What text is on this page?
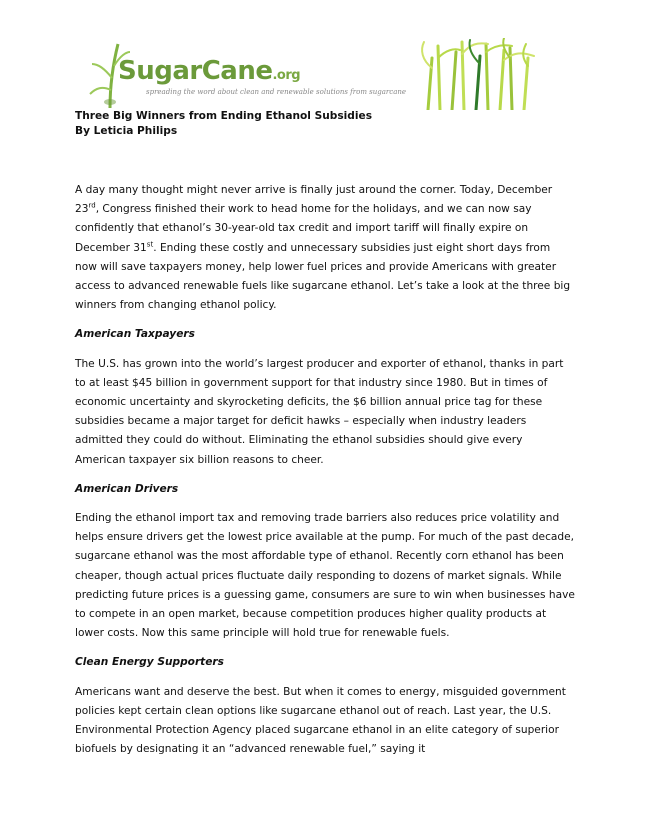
SugarCane.org
spreading the word about clean and renewable solutions from sugarcane
Three Big Winners from Ending Ethanol Subsidies
By Leticia Philips

A day many thought might never arrive is finally just around the corner. Today, December 23rd, Congress finished their work to head home for the holidays, and we can now say confidently that ethanol’s 30-year-old tax credit and import tariff will finally expire on December 31st. Ending these costly and unnecessary subsidies just eight short days from now will save taxpayers money, help lower fuel prices and provide Americans with greater access to advanced renewable fuels like sugarcane ethanol. Let’s take a look at the three big winners from changing ethanol policy.

American Taxpayers

The U.S. has grown into the world’s largest producer and exporter of ethanol, thanks in part to at least $45 billion in government support for that industry since 1980. But in times of economic uncertainty and skyrocketing deficits, the $6 billion annual price tag for these subsidies became a major target for deficit hawks – especially when industry leaders admitted they could do without. Eliminating the ethanol subsidies should give every American taxpayer six billion reasons to cheer.

American Drivers

Ending the ethanol import tax and removing trade barriers also reduces price volatility and helps ensure drivers get the lowest price available at the pump. For much of the past decade, sugarcane ethanol was the most affordable type of ethanol. Recently corn ethanol has been cheaper, though actual prices fluctuate daily responding to dozens of market signals. While predicting future prices is a guessing game, consumers are sure to win when businesses have to compete in an open market, because competition produces higher quality products at lower costs. Now this same principle will hold true for renewable fuels.

Clean Energy Supporters

Americans want and deserve the best. But when it comes to energy, misguided government policies kept certain clean options like sugarcane ethanol out of reach. Last year, the U.S. Environmental Protection Agency placed sugarcane ethanol in an elite category of superior biofuels by designating it an “advanced renewable fuel,” saying it
